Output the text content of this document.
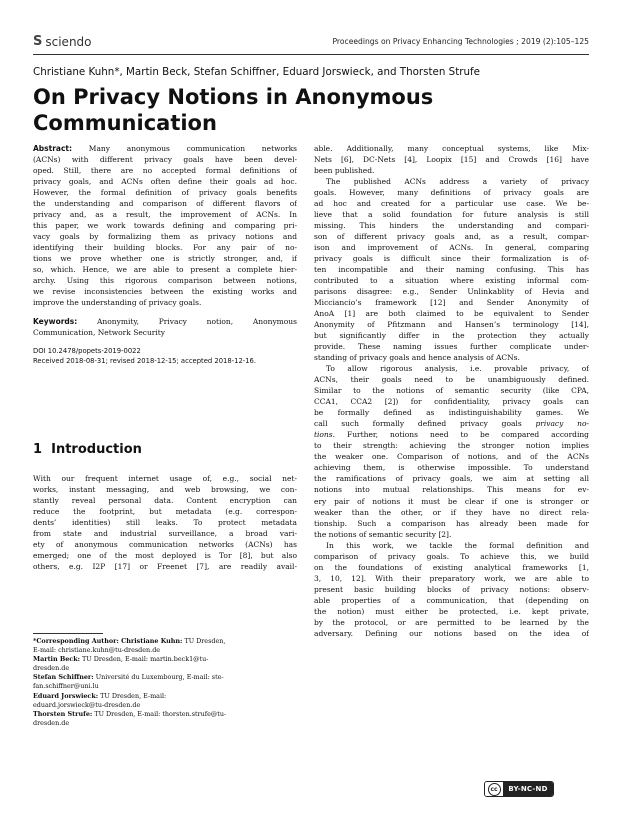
S sciendo	Proceedings on Privacy Enhancing Technologies ; 2019 (2):105–125
Christiane Kuhn*, Martin Beck, Stefan Schiffner, Eduard Jorswieck, and Thorsten Strufe
On Privacy Notions in Anonymous
Communication
Abstract: Many anonymous communication networks
(ACNs) with different privacy goals have been devel-
oped. Still, there are no accepted formal definitions of
privacy goals, and ACNs often define their goals ad hoc.
However, the formal definition of privacy goals benefits
the understanding and comparison of different flavors of
privacy and, as a result, the improvement of ACNs. In
this paper, we work towards defining and comparing pri-
vacy goals by formalizing them as privacy notions and
identifying their building blocks. For any pair of no-
tions we prove whether one is strictly stronger, and, if
so, which. Hence, we are able to present a complete hier-
archy. Using this rigorous comparison between notions,
we revise inconsistencies between the existing works and
improve the understanding of privacy goals.
Keywords:	Anonymity, Privacy notion, Anonymous
Communication, Network Security
DOI 10.2478/popets-2019-0022
Received 2018-08-31; revised 2018-12-15; accepted 2018-12-16.
1 Introduction
With our frequent internet usage of, e.g., social net-
works, instant messaging, and web browsing, we con-
stantly reveal personal data. Content encryption can
reduce the footprint, but metadata (e.g. correspon-
dents’ identities) still leaks. To protect metadata
from state and industrial surveillance, a broad vari-
ety of anonymous communication networks (ACNs) has
emerged; one of the most deployed is Tor [8], but also
others, e.g. I2P [17] or Freenet [7], are readily avail-
*Corresponding Author: Christiane Kuhn: TU Dresden,
E-mail: christiane.kuhn@tu-dresden.de
Martin Beck: TU Dresden, E-mail: martin.beck1@tu-
dresden.de
Stefan Schiffner: Université du Luxembourg, E-mail: ste-
fan.schiffner@uni.lu
Eduard Jorswieck: TU Dresden, E-mail:
eduard.jorswieck@tu-dresden.de
Thorsten Strufe: TU Dresden, E-mail: thorsten.strufe@tu-
dresden.de
able. Additionally, many conceptual systems, like Mix-
Nets [6], DC-Nets [4], Loopix [15] and Crowds [16] have
been published.
The published ACNs address a variety of privacy
goals. However, many definitions of privacy goals are
ad hoc and created for a particular use case. We be-
lieve that a solid foundation for future analysis is still
missing. This hinders the understanding and compari-
son of different privacy goals and, as a result, compar-
ison and improvement of ACNs. In general, comparing
privacy goals is difficult since their formalization is of-
ten incompatible and their naming confusing. This has
contributed to a situation where existing informal com-
parisons disagree: e.g., Sender Unlinkablity of Hevia and
Micciancio’s framework [12] and Sender Anonymity of
AnoA [1] are both claimed to be equivalent to Sender
Anonymity of Pfitzmann and Hansen’s terminology [14],
but significantly differ in the protection they actually
provide. These naming issues further complicate under-
standing of privacy goals and hence analysis of ACNs.
To allow rigorous analysis, i.e. provable privacy, of
ACNs, their goals need to be unambiguously defined.
Similar to the notions of semantic security (like CPA,
CCA1, CCA2 [2]) for confidentiality, privacy goals can
be formally defined as indistinguishability games. We
call such formally defined privacy goals privacy no-
tions. Further, notions need to be compared according
to their strength: achieving the stronger notion implies
the weaker one. Comparison of notions, and of the ACNs
achieving them, is otherwise impossible. To understand
the ramifications of privacy goals, we aim at setting all
notions into mutual relationships. This means for ev-
ery pair of notions it must be clear if one is stronger or
weaker than the other, or if they have no direct rela-
tionship. Such a comparison has already been made for
the notions of semantic security [2].
In this work, we tackle the formal definition and
comparison of privacy goals. To achieve this, we build
on the foundations of existing analytical frameworks [1,
3, 10, 12]. With their preparatory work, we are able to
present basic building blocks of privacy notions: observ-
able properties of a communication, that (depending on
the notion) must either be protected, i.e. kept private,
by the protocol, or are permitted to be learned by the
adversary. Defining our notions based on the idea of
cc	BY-NC-ND
